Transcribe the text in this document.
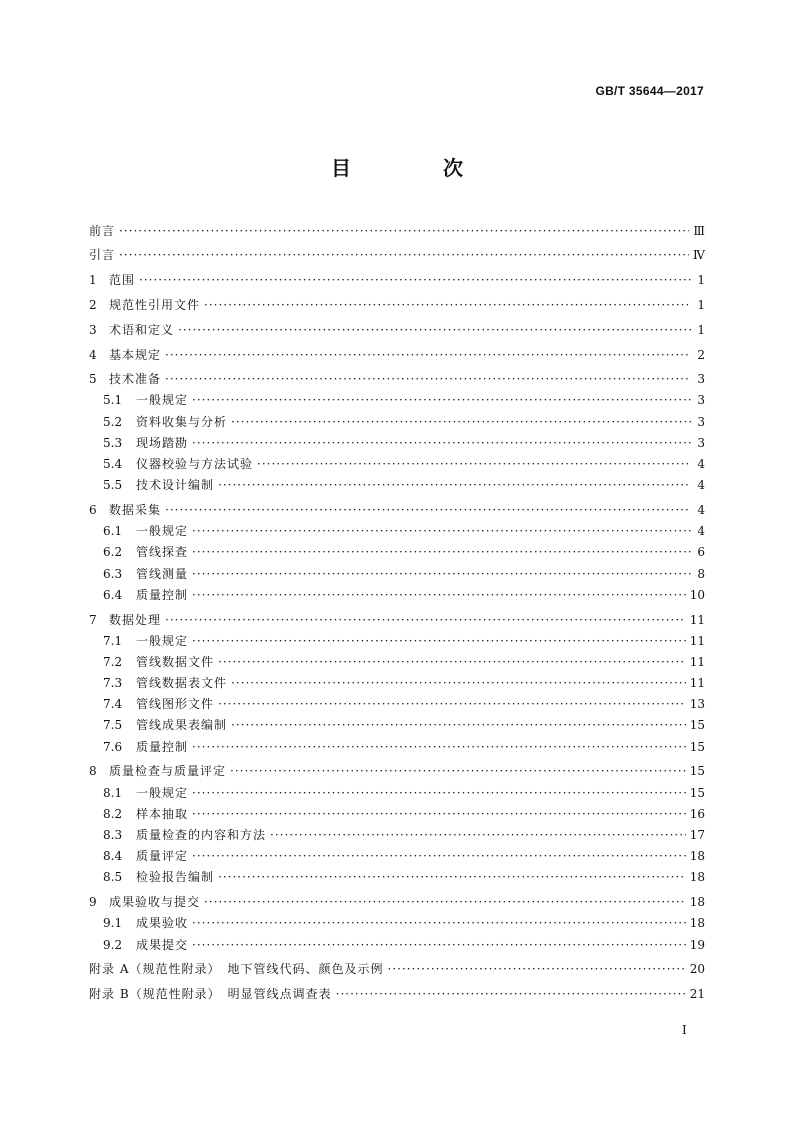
GB/T 35644—2017
目　次
前言 ·····	Ⅲ
引言 ·····	Ⅳ
1	范围 ·····	1
2	规范性引用文件 ·····	1
3	术语和定义 ·····	1
4	基本规定 ·····	2
5	技术准备 ·····	3
5.1	一般规定 ·····	3
5.2	资料收集与分析 ·····	3
5.3	现场踏勘 ·····	3
5.4	仪器校验与方法试验 ·····	4
5.5	技术设计编制 ·····	4
6	数据采集 ·····	4
6.1	一般规定 ·····	4
6.2	管线探查 ·····	6
6.3	管线测量 ·····	8
6.4	质量控制 ·····	10
7	数据处理 ·····	11
7.1	一般规定 ·····	11
7.2	管线数据文件 ·····	11
7.3	管线数据表文件 ·····	11
7.4	管线图形文件 ·····	13
7.5	管线成果表编制 ·····	15
7.6	质量控制 ·····	15
8	质量检查与质量评定 ·····	15
8.1	一般规定 ·····	15
8.2	样本抽取 ·····	16
8.3	质量检查的内容和方法 ·····	17
8.4	质量评定 ·····	18
8.5	检验报告编制 ·····	18
9	成果验收与提交 ·····	18
9.1	成果验收 ·····	18
9.2	成果提交 ·····	19
附录 A（规范性附录）　地下管线代码、颜色及示例 ·····	20
附录 B（规范性附录）　明显管线点调查表 ·····	21
Ⅰ
